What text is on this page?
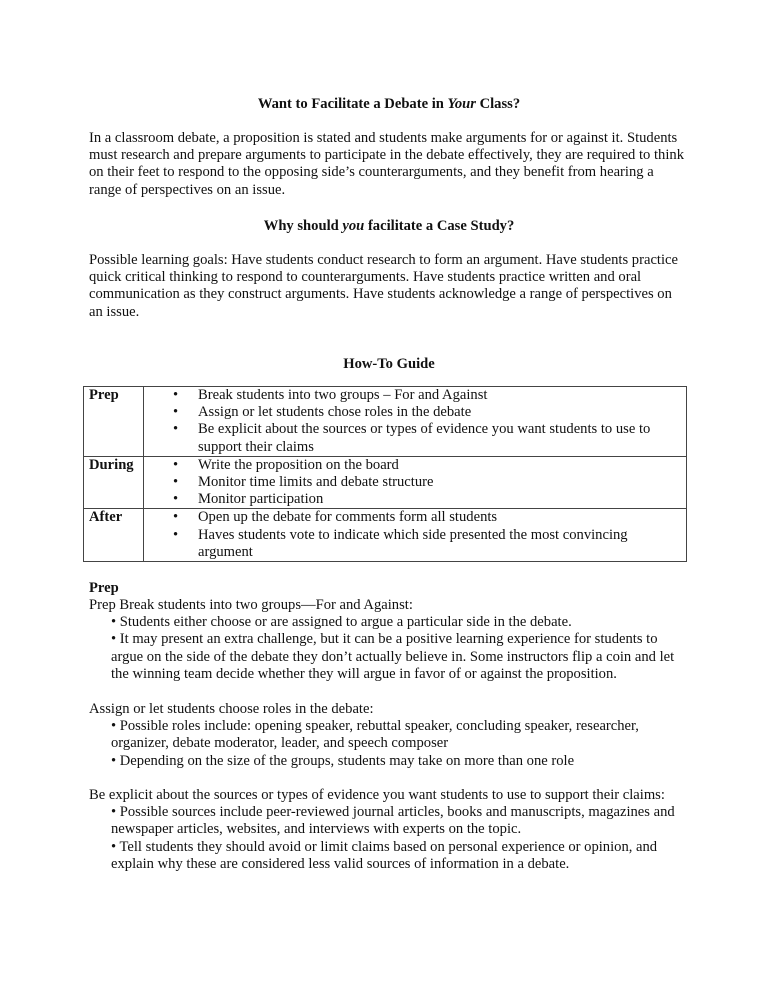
Want to Facilitate a Debate in Your Class?

In a classroom debate, a proposition is stated and students make arguments for or against it. Students must research and prepare arguments to participate in the debate effectively, they are required to think on their feet to respond to the opposing side’s counterarguments, and they benefit from hearing a range of perspectives on an issue.

Why should you facilitate a Case Study?

Possible learning goals: Have students conduct research to form an argument. Have students practice quick critical thinking to respond to counterarguments. Have students practice written and oral communication as they construct arguments. Have students acknowledge a range of perspectives on an issue.

How-To Guide
Prep	• Break students into two groups – For and Against
• Assign or let students chose roles in the debate
• Be explicit about the sources or types of evidence you want students to use to support their claims

During	• Write the proposition on the board
• Monitor time limits and debate structure
• Monitor participation

After	• Open up the debate for comments form all students
• Haves students vote to indicate which side presented the most convincing argument
Prep
Prep Break students into two groups—For and Against:
• Students either choose or are assigned to argue a particular side in the debate.
• It may present an extra challenge, but it can be a positive learning experience for students to argue on the side of the debate they don’t actually believe in. Some instructors flip a coin and let the winning team decide whether they will argue in favor of or against the proposition.
Assign or let students choose roles in the debate:
• Possible roles include: opening speaker, rebuttal speaker, concluding speaker, researcher, organizer, debate moderator, leader, and speech composer
• Depending on the size of the groups, students may take on more than one role
Be explicit about the sources or types of evidence you want students to use to support their claims:
• Possible sources include peer-reviewed journal articles, books and manuscripts, magazines and newspaper articles, websites, and interviews with experts on the topic.
• Tell students they should avoid or limit claims based on personal experience or opinion, and explain why these are considered less valid sources of information in a debate.
